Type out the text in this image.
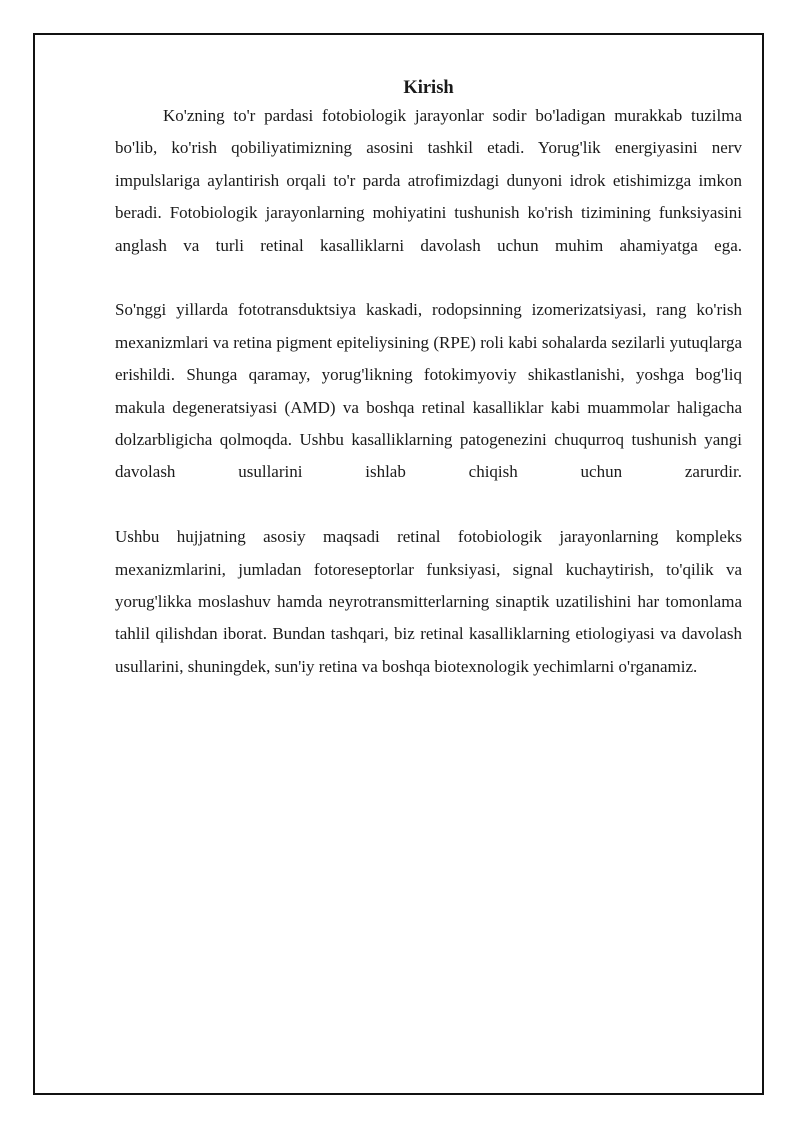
Kirish

Ko'zning to'r pardasi fotobiologik jarayonlar sodir bo'ladigan murakkab tuzilma bo'lib, ko'rish qobiliyatimizning asosini tashkil etadi. Yorug'lik energiyasini nerv impulslariga aylantirish orqali to'r parda atrofimizdagi dunyoni idrok etishimizga imkon beradi. Fotobiologik jarayonlarning mohiyatini tushunish ko'rish tizimining funksiyasini anglash va turli retinal kasalliklarni davolash uchun muhim ahamiyatga ega.

So'nggi yillarda fototransduktsiya kaskadi, rodopsinning izomerizatsiyasi, rang ko'rish mexanizmlari va retina pigment epiteliysining (RPE) roli kabi sohalarda sezilarli yutuqlarga erishildi. Shunga qaramay, yorug'likning fotokimyoviy shikastlanishi, yoshga bog'liq makula degeneratsiyasi (AMD) va boshqa retinal kasalliklar kabi muammolar haligacha dolzarbligicha qolmoqda. Ushbu kasalliklarning patogenezini chuqurroq tushunish yangi davolash usullarini ishlab chiqish uchun zarurdir.

Ushbu hujjatning asosiy maqsadi retinal fotobiologik jarayonlarning kompleks mexanizmlarini, jumladan fotoreseptorlar funksiyasi, signal kuchaytirish, to'qilik va yorug'likka moslashuv hamda neyrotransmitterlarning sinaptik uzatilishini har tomonlama tahlil qilishdan iborat. Bundan tashqari, biz retinal kasalliklarning etiologiyasi va davolash usullarini, shuningdek, sun'iy retina va boshqa biotexnologik yechimlarni o'rganamiz.
